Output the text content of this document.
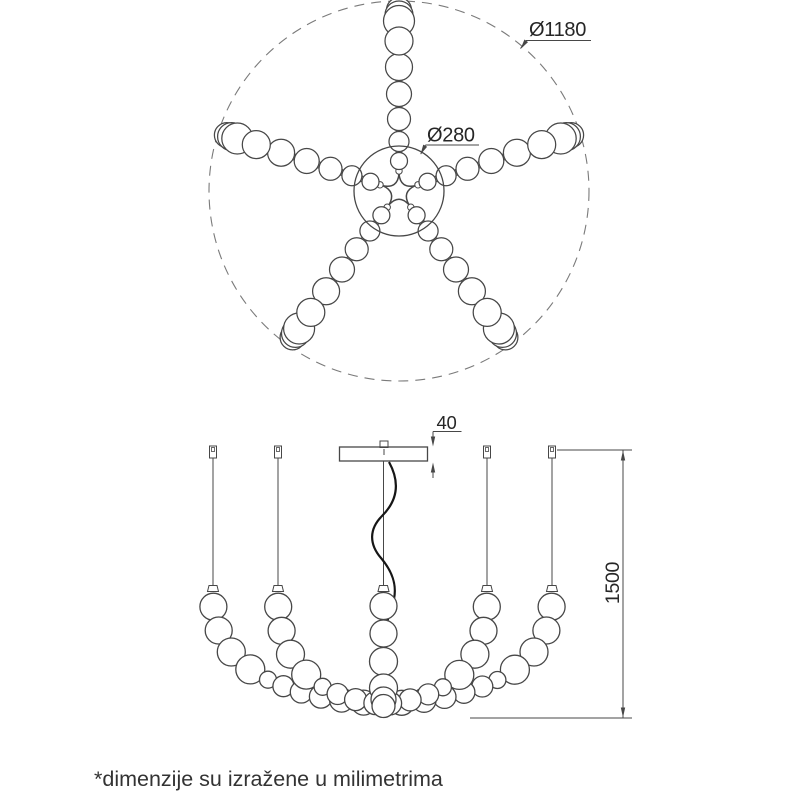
Ø1180
Ø280
40
1500
*dimenzije su izražene u milimetrima
